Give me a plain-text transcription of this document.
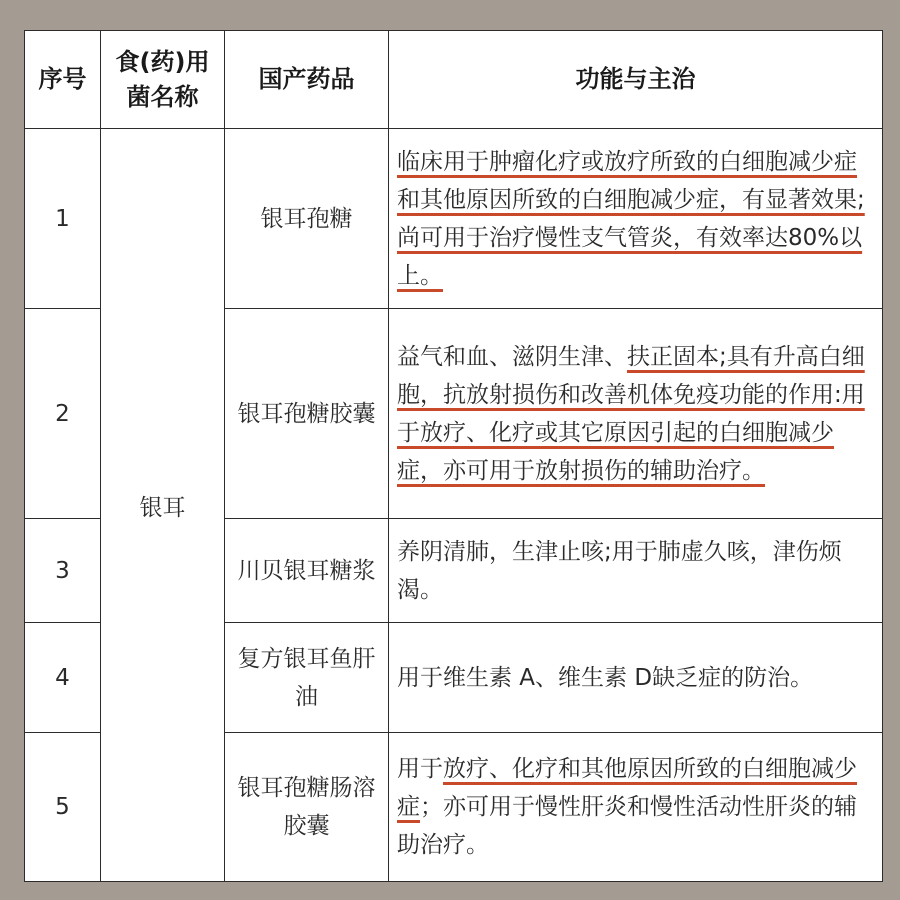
序号	食(药)用菌名称	国产药品	功能与主治
1	银耳	银耳孢糖	临床用于肿瘤化疗或放疗所致的白细胞减少症和其他原因所致的白细胞减少症，有显著效果;尚可用于治疗慢性支气管炎，有效率达80%以上。
2		银耳孢糖胶囊	益气和血、滋阴生津、扶正固本;具有升高白细胞，抗放射损伤和改善机体免疫功能的作用:用于放疗、化疗或其它原因引起的白细胞减少症，亦可用于放射损伤的辅助治疗。
3		川贝银耳糖浆	养阴清肺，生津止咳;用于肺虚久咳，津伤烦渴。
4		复方银耳鱼肝油	用于维生素 A、维生素 D缺乏症的防治。
5		银耳孢糖肠溶胶囊	用于放疗、化疗和其他原因所致的白细胞减少症；亦可用于慢性肝炎和慢性活动性肝炎的辅助治疗。
